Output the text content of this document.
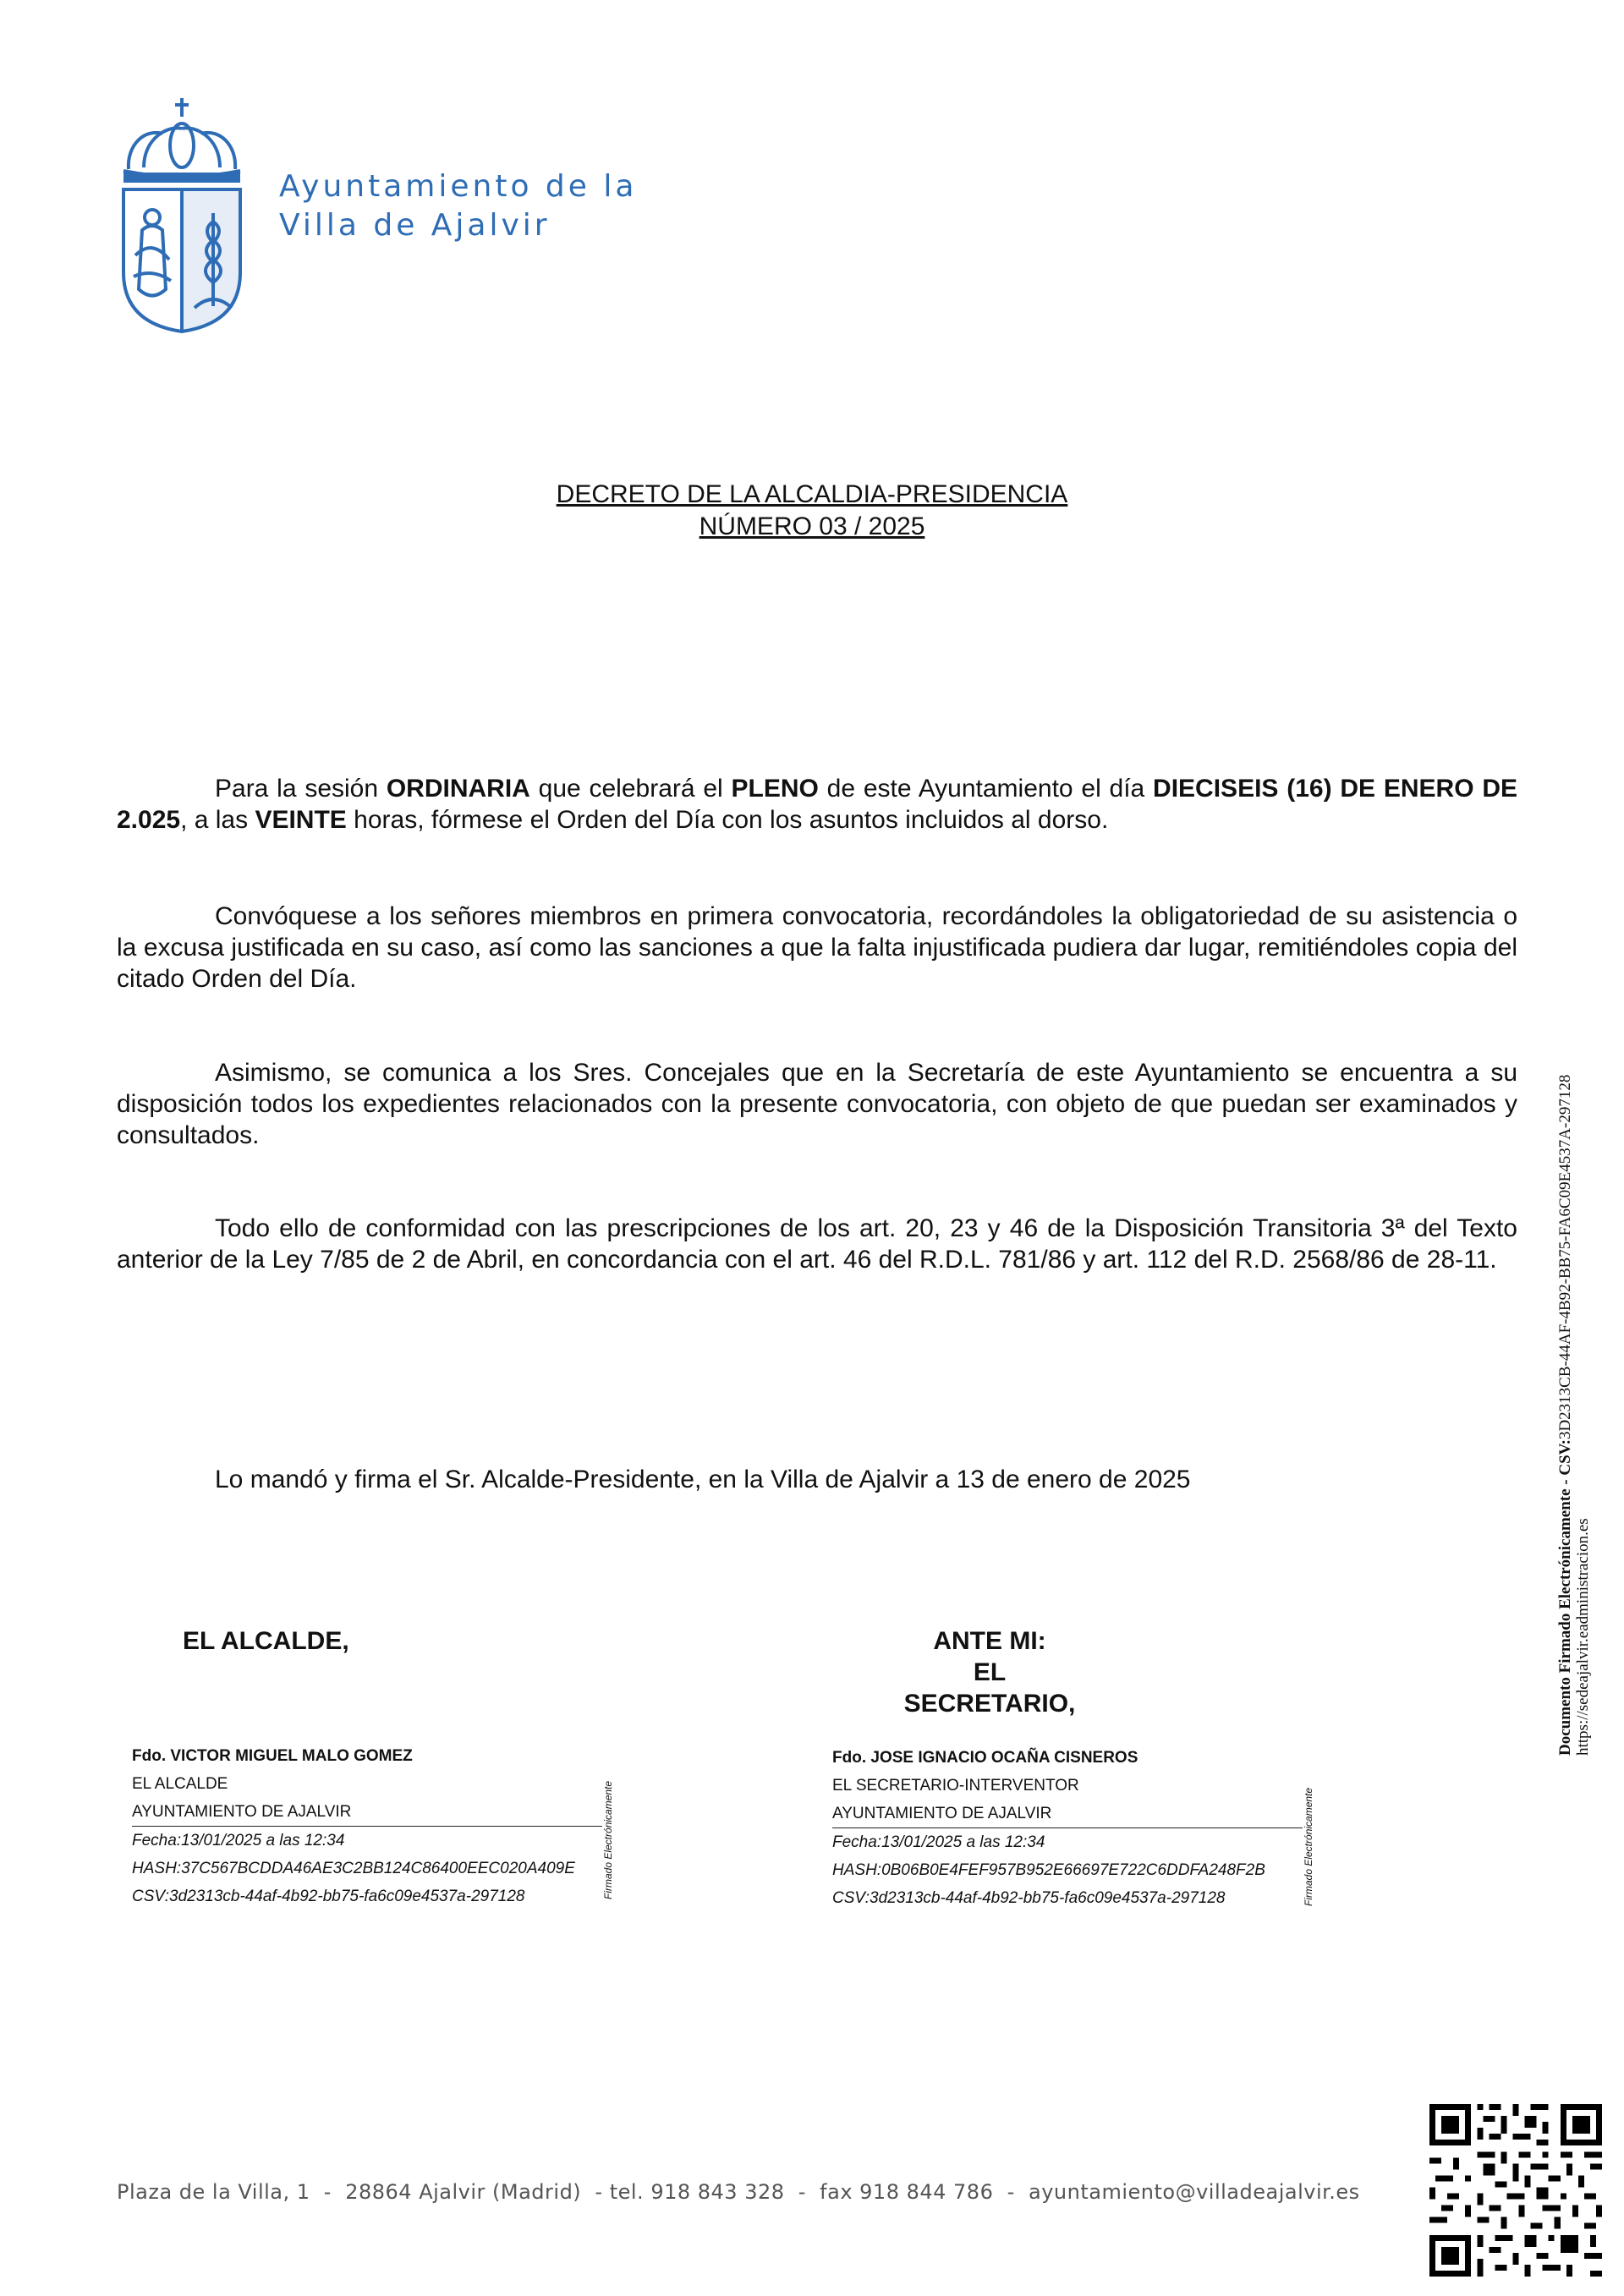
Ayuntamiento de la
Villa de Ajalvir
DECRETO DE LA ALCALDIA-PRESIDENCIA
NÚMERO 03 / 2025

Para la sesión ORDINARIA que celebrará el PLENO de este Ayuntamiento el día DIECISEIS (16) DE ENERO DE 2.025, a las VEINTE horas, fórmese el Orden del Día con los asuntos incluidos al dorso.

Convóquese a los señores miembros en primera convocatoria, recordándoles la obligatoriedad de su asistencia o la excusa justificada en su caso, así como las sanciones a que la falta injustificada pudiera dar lugar, remitiéndoles copia del citado Orden del Día.

Asimismo, se comunica a los Sres. Concejales que en la Secretaría de este Ayuntamiento se encuentra a su disposición todos los expedientes relacionados con la presente convocatoria, con objeto de que puedan ser examinados y consultados.

Todo ello de conformidad con las prescripciones de los art. 20, 23 y 46 de la Disposición Transitoria 3ª del Texto anterior de la Ley 7/85 de 2 de Abril, en concordancia con el art. 46 del R.D.L. 781/86 y art. 112 del R.D. 2568/86 de 28-11.

Lo mandó y firma el Sr. Alcalde-Presidente, en la Villa de Ajalvir a 13 de enero de 2025
EL ALCALDE,	ANTE MI:
EL SECRETARIO,
Fdo. VICTOR MIGUEL MALO GOMEZ
EL ALCALDE
AYUNTAMIENTO DE AJALVIR
Fecha:13/01/2025 a las 12:34
HASH:37C567BCDDA46AE3C2BB124C86400EEC020A409E
CSV:3d2313cb-44af-4b92-bb75-fa6c09e4537a-297128	Firmado Electrónicamente
Fdo. JOSE IGNACIO OCAÑA CISNEROS
EL SECRETARIO-INTERVENTOR
AYUNTAMIENTO DE AJALVIR
Fecha:13/01/2025 a las 12:34
HASH:0B06B0E4FEF957B952E66697E722C6DDFA248F2B
CSV:3d2313cb-44af-4b92-bb75-fa6c09e4537a-297128	Firmado Electrónicamente
Documento Firmado Electrónicamente - CSV:3D2313CB-44AF-4B92-BB75-FA6C09E4537A-297128
https://sedeajalvir.eadministracion.es
Plaza de la Villa, 1  -  28864 Ajalvir (Madrid)  - tel. 918 843 328  -  fax 918 844 786  -  ayuntamiento@villadeajalvir.es
